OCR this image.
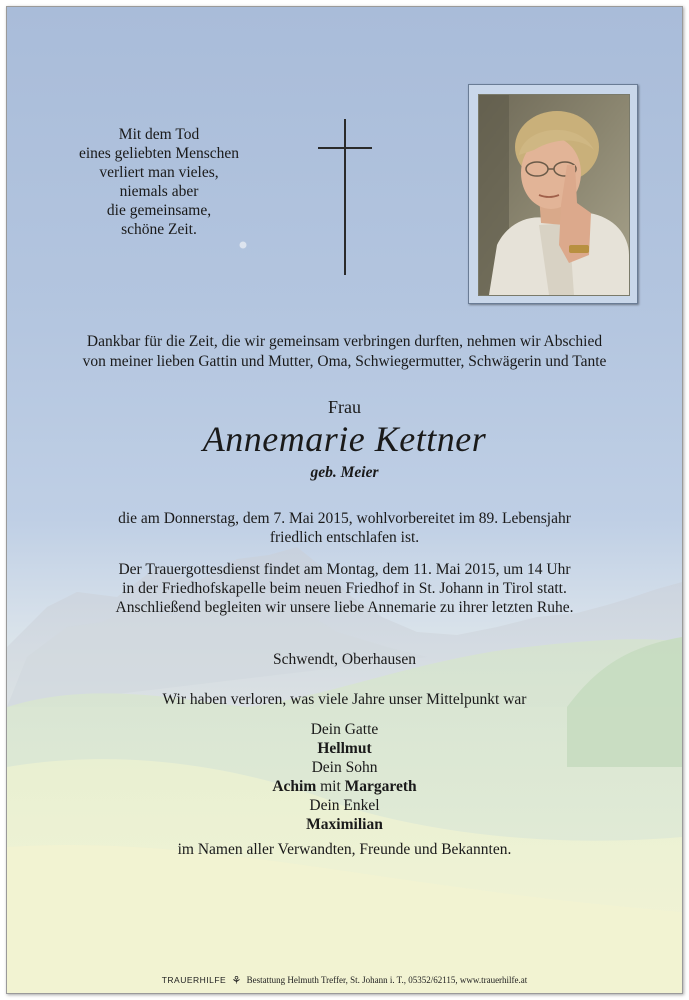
Mit dem Tod
eines geliebten Menschen
verliert man vieles,
niemals aber
die gemeinsame,
schöne Zeit.
Dankbar für die Zeit, die wir gemeinsam verbringen durften, nehmen wir Abschied
von meiner lieben Gattin und Mutter, Oma, Schwiegermutter, Schwägerin und Tante
Frau
Annemarie Kettner
geb. Meier
die am Donnerstag, dem 7. Mai 2015, wohlvorbereitet im 89. Lebensjahr
friedlich entschlafen ist.
Der Trauergottesdienst findet am Montag, dem 11. Mai 2015, um 14 Uhr
in der Friedhofskapelle beim neuen Friedhof in St. Johann in Tirol statt.
Anschließend begleiten wir unsere liebe Annemarie zu ihrer letzten Ruhe.
Schwendt, Oberhausen
Wir haben verloren, was viele Jahre unser Mittelpunkt war
Dein Gatte
Hellmut
Dein Sohn
Achim mit Margareth
Dein Enkel
Maximilian
im Namen aller Verwandten, Freunde und Bekannten.
TRAUERHILFE ⚘ Bestattung Helmuth Treffer, St. Johann i. T., 05352/62115, www.trauerhilfe.at
